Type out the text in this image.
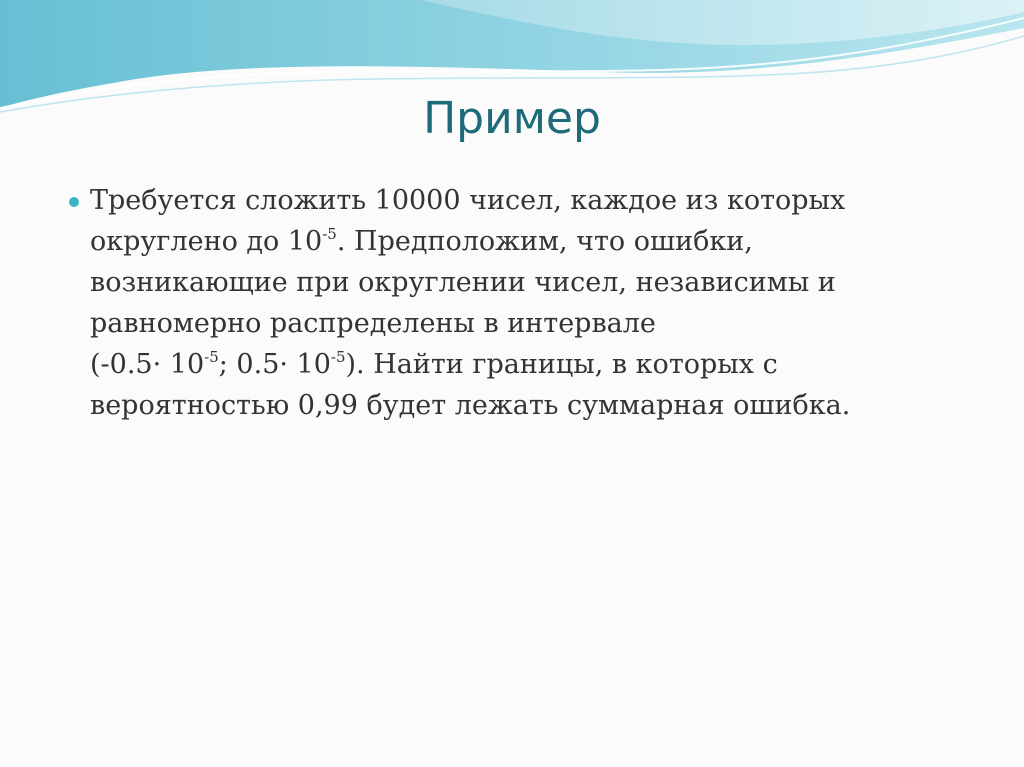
Пример
Требуется сложить 10000 чисел, каждое из которых
округлено до $10^{-5}$. Предположим, что ошибки,
возникающие при округлении чисел, независимы и
равномерно распределены в интервале
($-0.5\cdot 10^{-5}$; $0.5\cdot 10^{-5}$). Найти границы, в которых с
вероятностью 0,99 будет лежать суммарная ошибка.
